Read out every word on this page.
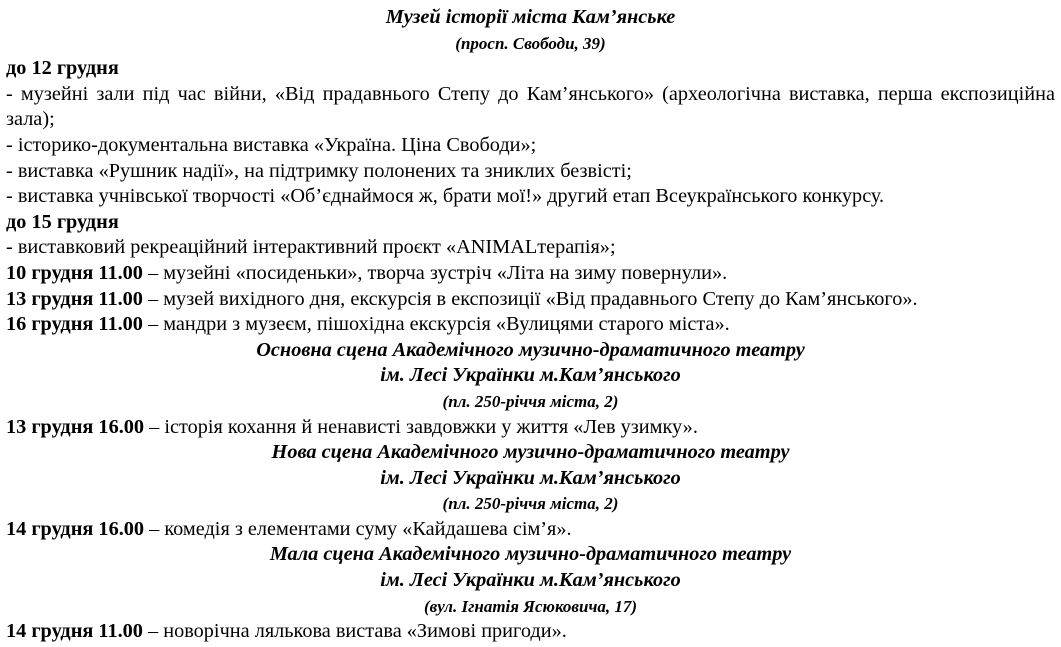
Музей історії міста Кам’янське
(просп. Свободи, 39)
до 12 грудня
- музейні зали під час війни, «Від прадавнього Степу до Кам’янського» (археологічна виставка, перша експозиційна зала);
- історико-документальна виставка «Україна. Ціна Свободи»;
- виставка «Рушник надії», на підтримку полонених та зниклих безвісті;
- виставка учнівської творчості «Об’єднаймося ж, брати мої!» другий етап Всеукраїнського конкурсу.
до 15 грудня
- виставковий рекреаційний інтерактивний проєкт «ANIMALтерапія»;
10 грудня 11.00 – музейні «посиденьки», творча зустріч «Літа на зиму повернули».
13 грудня 11.00 – музей вихідного дня, екскурсія в експозиції «Від прадавнього Степу до Кам’янського».
16 грудня 11.00 – мандри з музеєм, пішохідна екскурсія «Вулицями старого міста».
Основна сцена Академічного музично-драматичного театру
ім. Лесі Українки м.Кам’янського
(пл. 250-річчя міста, 2)
13 грудня 16.00 – історія кохання й ненависті завдовжки у життя «Лев узимку».
Нова сцена Академічного музично-драматичного театру
ім. Лесі Українки м.Кам’янського
(пл. 250-річчя міста, 2)
14 грудня 16.00 – комедія з елементами суму «Кайдашева сім’я».
Мала сцена Академічного музично-драматичного театру
ім. Лесі Українки м.Кам’янського
(вул. Ігнатія Ясюковича, 17)
14 грудня 11.00 – новорічна лялькова вистава «Зимові пригоди».
